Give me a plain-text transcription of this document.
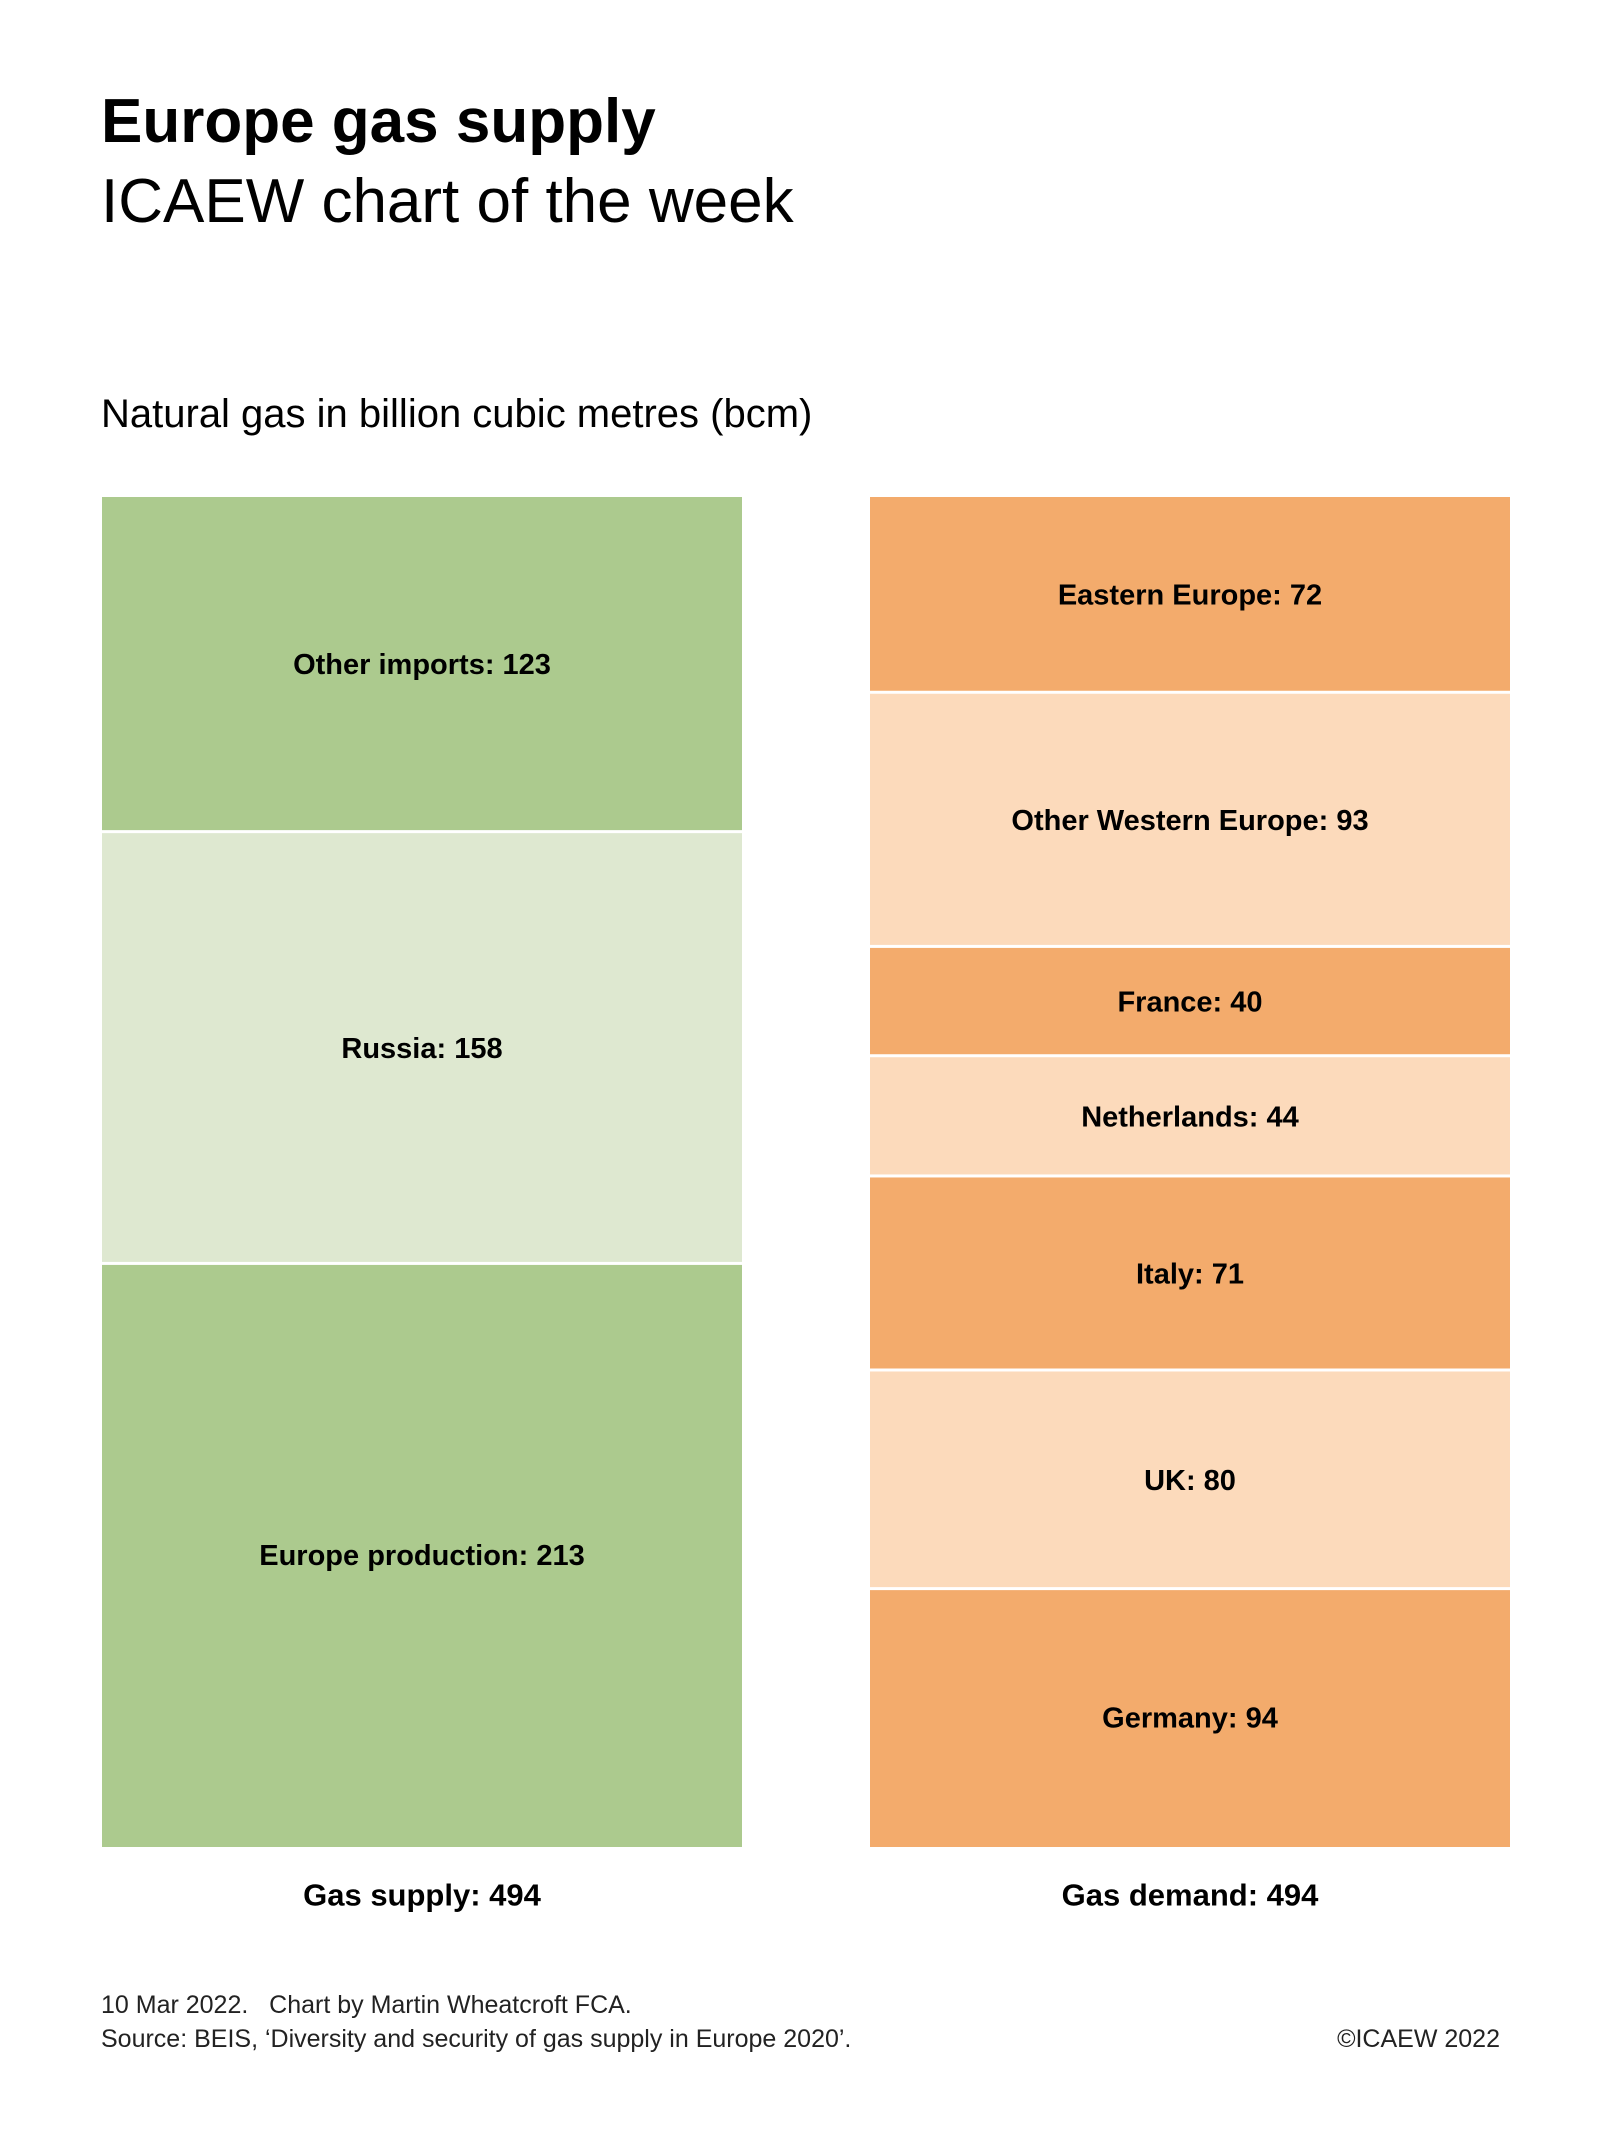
Europe gas supply
ICAEW chart of the week
Natural gas in billion cubic metres (bcm)
Other imports: 123
Russia: 158
Europe production: 213
Gas supply: 494
Eastern Europe: 72
Other Western Europe: 93
France: 40
Netherlands: 44
Italy: 71
UK: 80
Germany: 94
Gas demand: 494
10 Mar 2022.   Chart by Martin Wheatcroft FCA.
Source: BEIS, ‘Diversity and security of gas supply in Europe 2020’.	©ICAEW 2022
